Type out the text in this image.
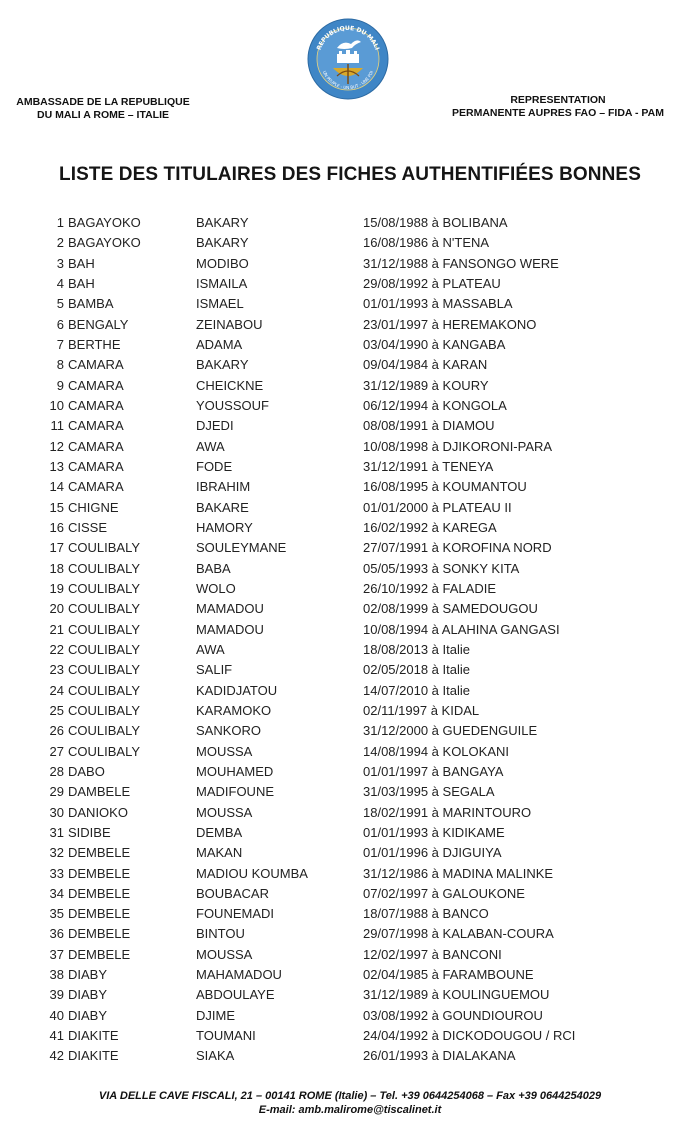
REPUBLIQUE DU MALI
UN PEUPLE - UN BUT - UNE FOI
AMBASSADE DE LA REPUBLIQUE
DU MALI A ROME – ITALIE
REPRESENTATION
PERMANENTE AUPRES FAO – FIDA - PAM
LISTE DES TITULAIRES DES FICHES AUTHENTIFIÉES BONNES
1 BAGAYOKO	BAKARY	15/08/1988 à BOLIBANA
2 BAGAYOKO	BAKARY	16/08/1986 à N'TENA
3 BAH	MODIBO	31/12/1988 à FANSONGO WERE
4 BAH	ISMAILA	29/08/1992 à PLATEAU
5 BAMBA	ISMAEL	01/01/1993 à MASSABLA
6 BENGALY	ZEINABOU	23/01/1997 à HEREMAKONO
7 BERTHE	ADAMA	03/04/1990 à KANGABA
8 CAMARA	BAKARY	09/04/1984 à KARAN
9 CAMARA	CHEICKNE	31/12/1989 à KOURY
10 CAMARA	YOUSSOUF	06/12/1994 à KONGOLA
11 CAMARA	DJEDI	08/08/1991 à DIAMOU
12 CAMARA	AWA	10/08/1998 à DJIKORONI-PARA
13 CAMARA	FODE	31/12/1991 à TENEYA
14 CAMARA	IBRAHIM	16/08/1995 à KOUMANTOU
15 CHIGNE	BAKARE	01/01/2000 à PLATEAU II
16 CISSE	HAMORY	16/02/1992 à KAREGA
17 COULIBALY	SOULEYMANE	27/07/1991 à KOROFINA NORD
18 COULIBALY	BABA	05/05/1993 à SONKY KITA
19 COULIBALY	WOLO	26/10/1992 à FALADIE
20 COULIBALY	MAMADOU	02/08/1999 à SAMEDOUGOU
21 COULIBALY	MAMADOU	10/08/1994 à ALAHINA GANGASI
22 COULIBALY	AWA	18/08/2013 à Italie
23 COULIBALY	SALIF	02/05/2018 à Italie
24 COULIBALY	KADIDJATOU	14/07/2010 à Italie
25 COULIBALY	KARAMOKO	02/11/1997 à KIDAL
26 COULIBALY	SANKORO	31/12/2000 à GUEDENGUILE
27 COULIBALY	MOUSSA	14/08/1994 à KOLOKANI
28 DABO	MOUHAMED	01/01/1997 à BANGAYA
29 DAMBELE	MADIFOUNE	31/03/1995 à SEGALA
30 DANIOKO	MOUSSA	18/02/1991 à MARINTOURO
31 SIDIBE	DEMBA	01/01/1993 à KIDIKAME
32 DEMBELE	MAKAN	01/01/1996 à DJIGUIYA
33 DEMBELE	MADIOU KOUMBA	31/12/1986 à MADINA MALINKE
34 DEMBELE	BOUBACAR	07/02/1997 à GALOUKONE
35 DEMBELE	FOUNEMADI	18/07/1988 à BANCO
36 DEMBELE	BINTOU	29/07/1998 à KALABAN-COURA
37 DEMBELE	MOUSSA	12/02/1997 à BANCONI
38 DIABY	MAHAMADOU	02/04/1985 à FARAMBOUNE
39 DIABY	ABDOULAYE	31/12/1989 à KOULINGUEMOU
40 DIABY	DJIME	03/08/1992 à GOUNDIOUROU
41 DIAKITE	TOUMANI	24/04/1992 à DICKODOUGOU / RCI
42 DIAKITE	SIAKA	26/01/1993 à DIALAKANA
VIA DELLE CAVE FISCALI, 21 – 00141 ROME (Italie) – Tel. +39 0644254068 – Fax +39 0644254029
E-mail: amb.malirome@tiscalinet.it
